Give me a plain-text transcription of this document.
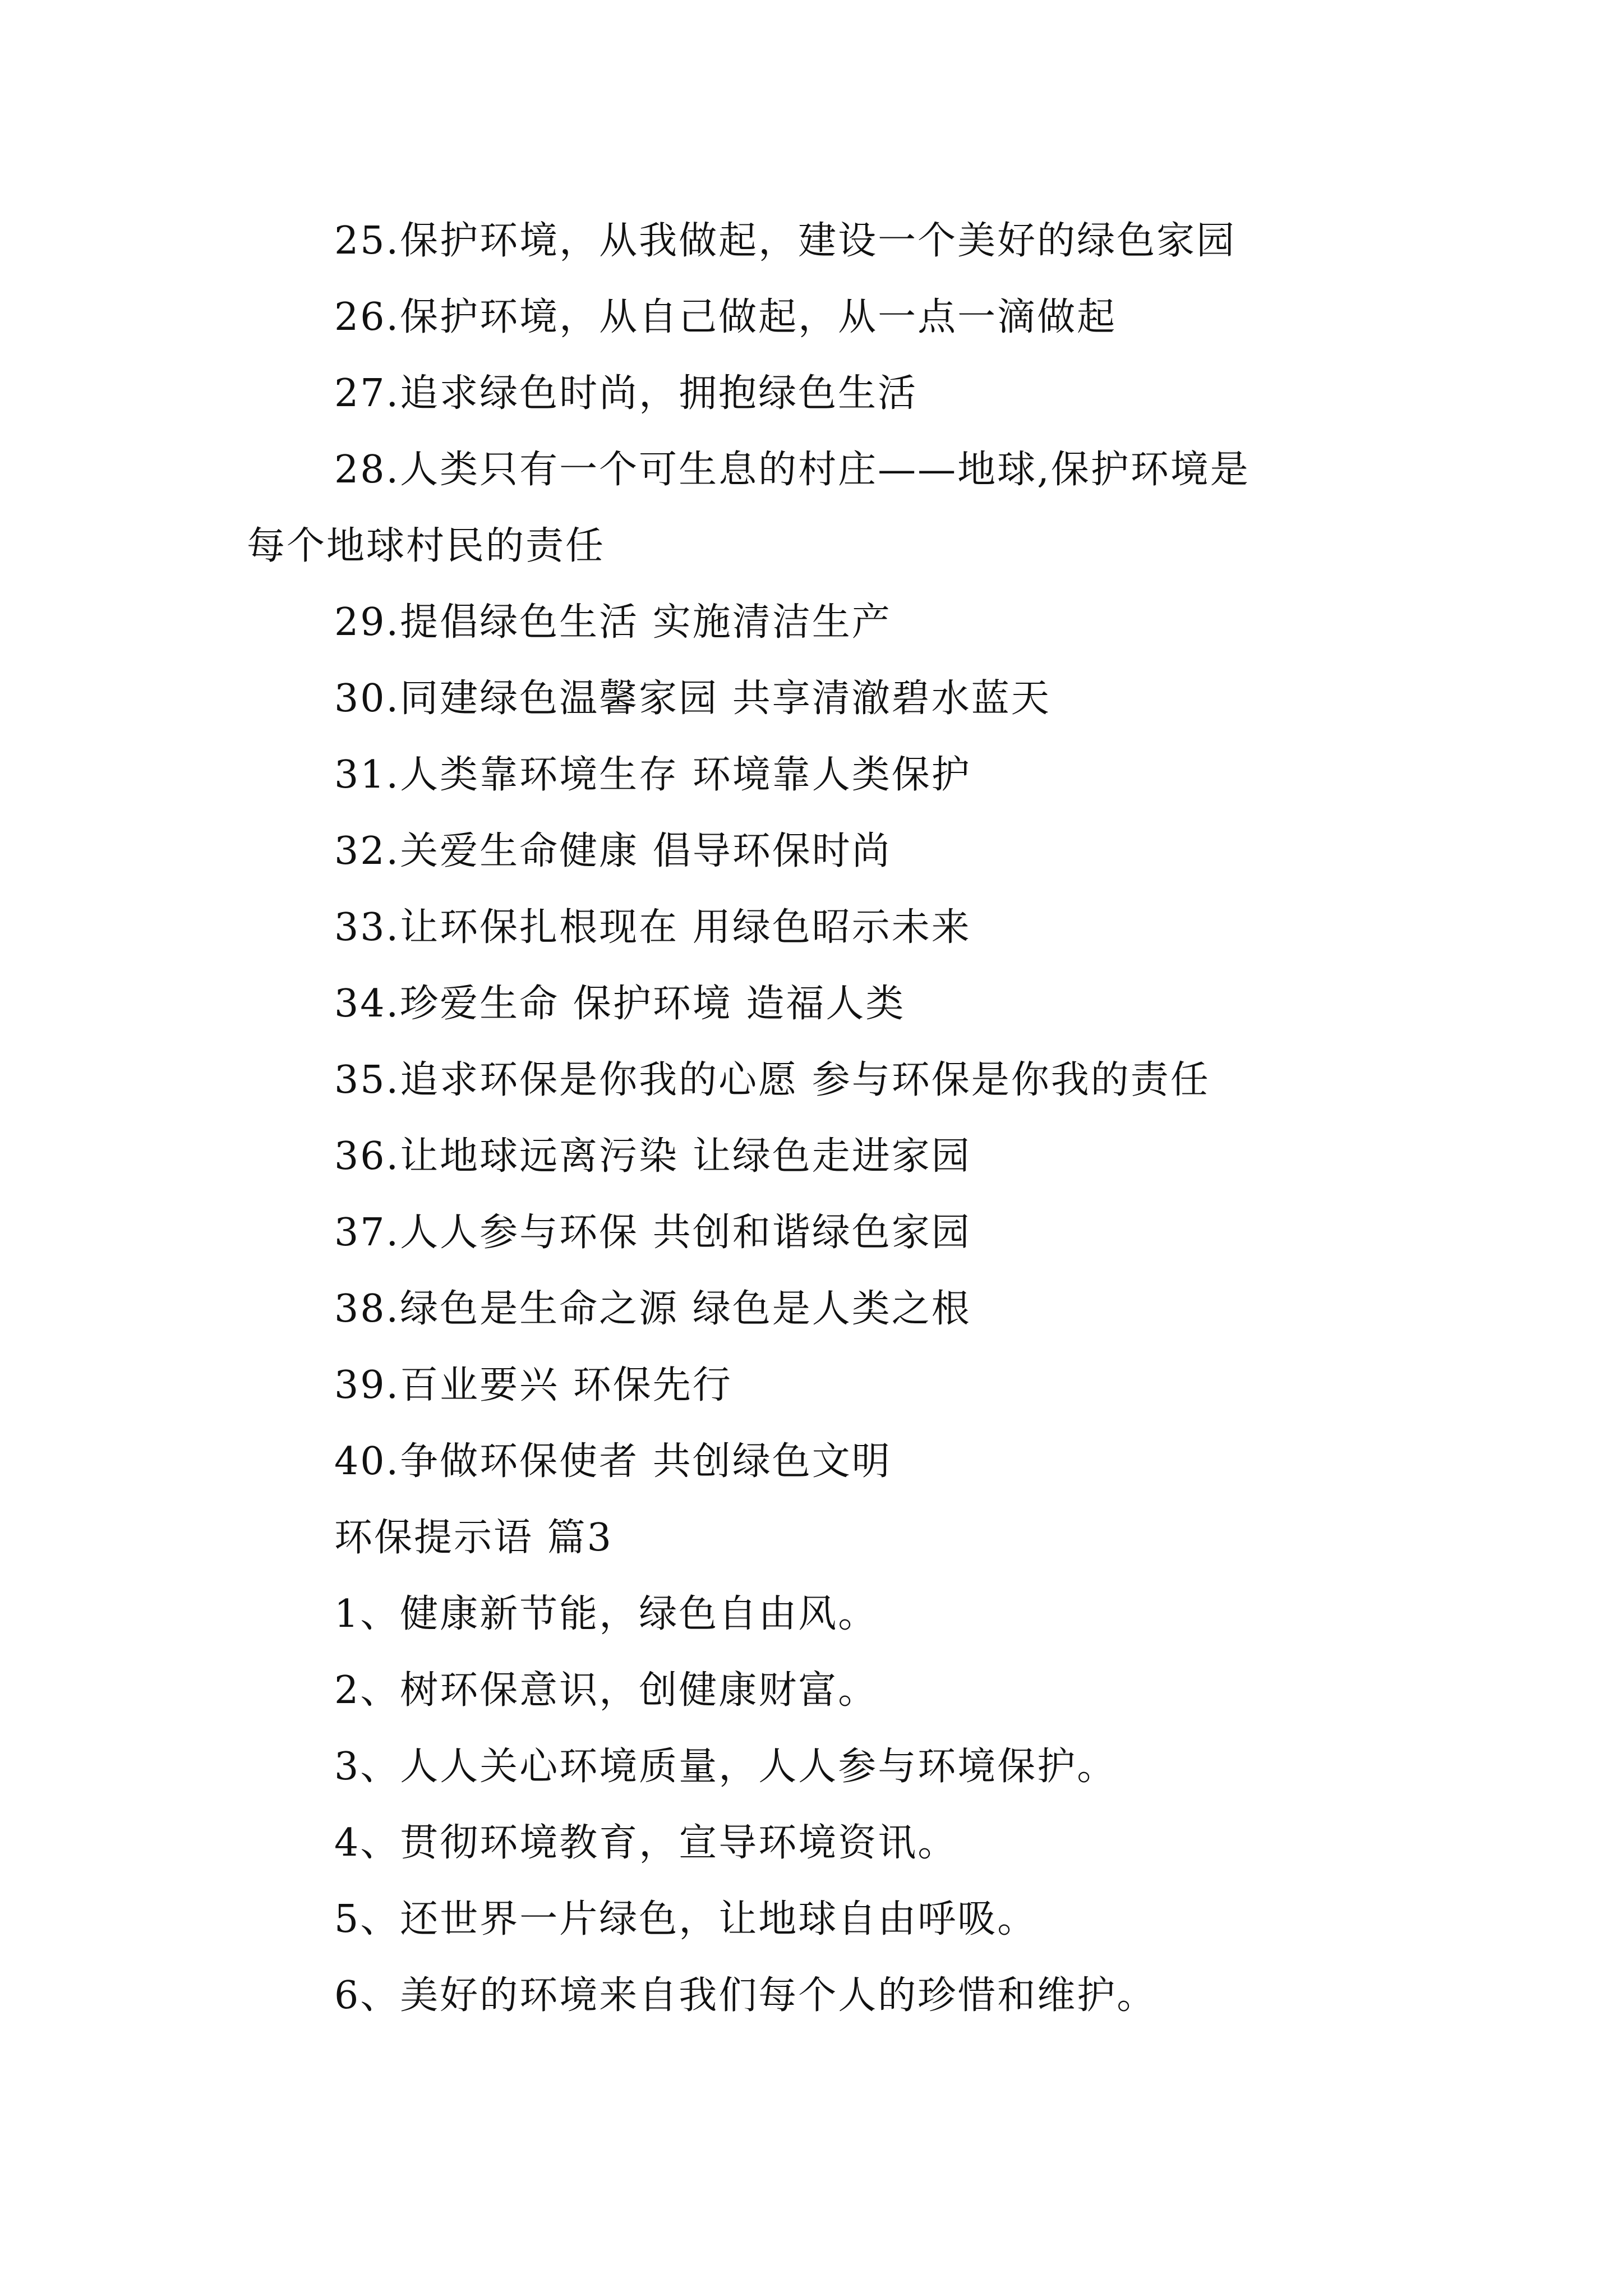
25.保护环境，从我做起，建设一个美好的绿色家园
26.保护环境，从自己做起，从一点一滴做起
27.追求绿色时尚，拥抱绿色生活
28.人类只有一个可生息的村庄——地球,保护环境是
每个地球村民的责任
29.提倡绿色生活 实施清洁生产
30.同建绿色温馨家园 共享清澈碧水蓝天
31.人类靠环境生存 环境靠人类保护
32.关爱生命健康 倡导环保时尚
33.让环保扎根现在 用绿色昭示未来
34.珍爱生命 保护环境 造福人类
35.追求环保是你我的心愿 参与环保是你我的责任
36.让地球远离污染 让绿色走进家园
37.人人参与环保 共创和谐绿色家园
38.绿色是生命之源 绿色是人类之根
39.百业要兴 环保先行
40.争做环保使者 共创绿色文明
环保提示语 篇3
1、健康新节能，绿色自由风。
2、树环保意识，创健康财富。
3、人人关心环境质量，人人参与环境保护。
4、贯彻环境教育，宣导环境资讯。
5、还世界一片绿色，让地球自由呼吸。
6、美好的环境来自我们每个人的珍惜和维护。
